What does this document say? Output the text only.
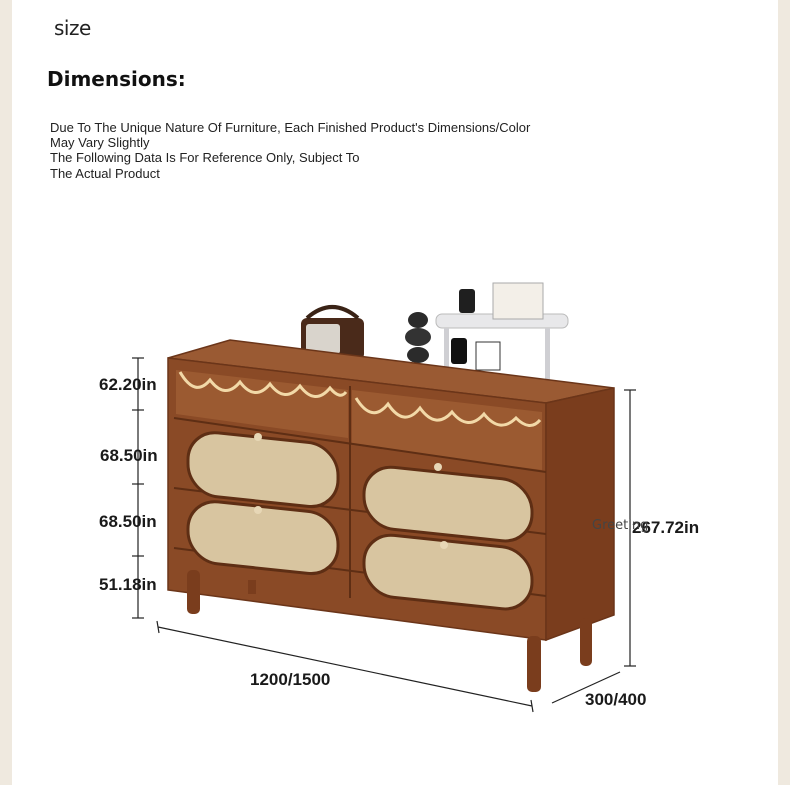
size
Dimensions:
Due To The Unique Nature Of Furniture, Each Finished Product's Dimensions/Color
May Vary Slightly
The Following Data Is For Reference Only, Subject To
The Actual Product
62.20in
68.50in
68.50in
51.18in
267.72in
1200/1500
300/400
Greeting
